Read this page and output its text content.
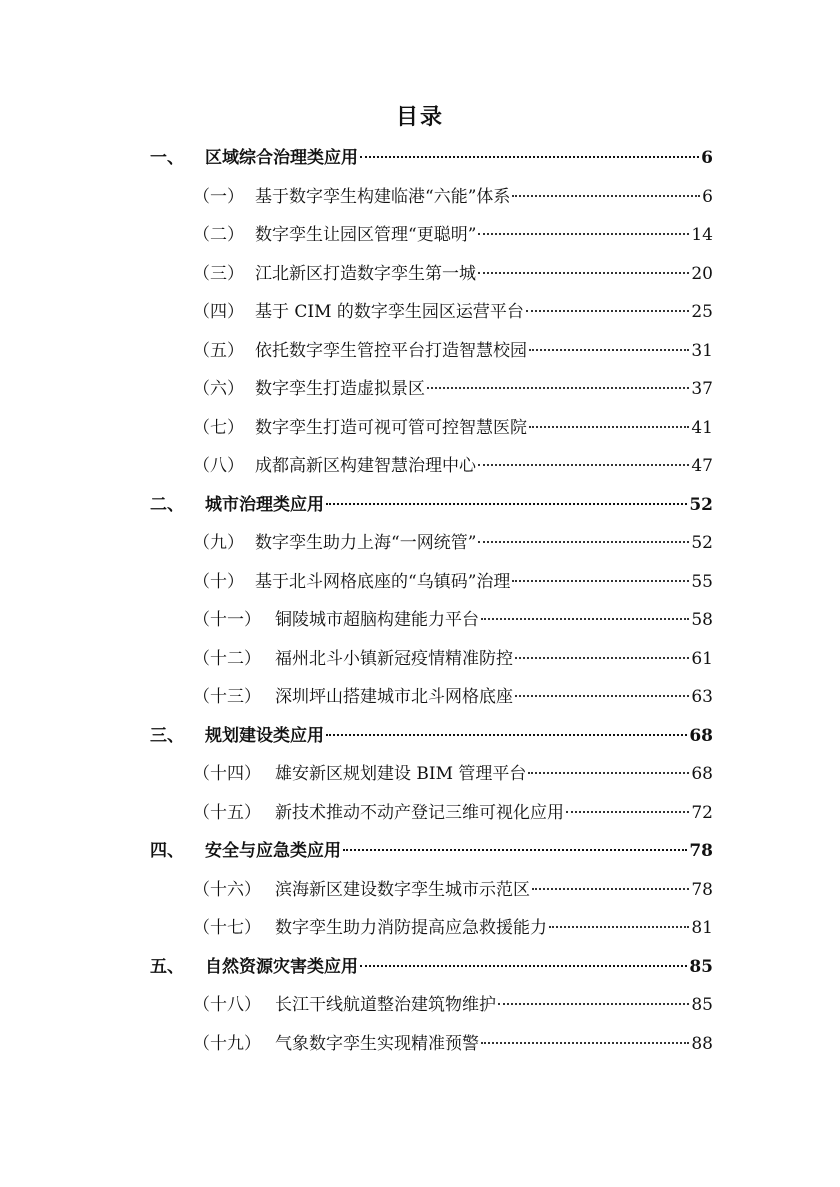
目录
一、	区域综合治理类应用	6
（一） 基于数字孪生构建临港“六能”体系	6
（二） 数字孪生让园区管理“更聪明”	14
（三） 江北新区打造数字孪生第一城	20
（四） 基于 CIM 的数字孪生园区运营平台	25
（五） 依托数字孪生管控平台打造智慧校园	31
（六） 数字孪生打造虚拟景区	37
（七） 数字孪生打造可视可管可控智慧医院	41
（八） 成都高新区构建智慧治理中心	47
二、	城市治理类应用	52
（九） 数字孪生助力上海“一网统管”	52
（十） 基于北斗网格底座的“乌镇码”治理	55
（十一） 铜陵城市超脑构建能力平台	58
（十二） 福州北斗小镇新冠疫情精准防控	61
（十三） 深圳坪山搭建城市北斗网格底座	63
三、	规划建设类应用	68
（十四） 雄安新区规划建设 BIM 管理平台	68
（十五） 新技术推动不动产登记三维可视化应用	72
四、	安全与应急类应用	78
（十六） 滨海新区建设数字孪生城市示范区	78
（十七） 数字孪生助力消防提高应急救援能力	81
五、	自然资源灾害类应用	85
（十八） 长江干线航道整治建筑物维护	85
（十九） 气象数字孪生实现精准预警	88
